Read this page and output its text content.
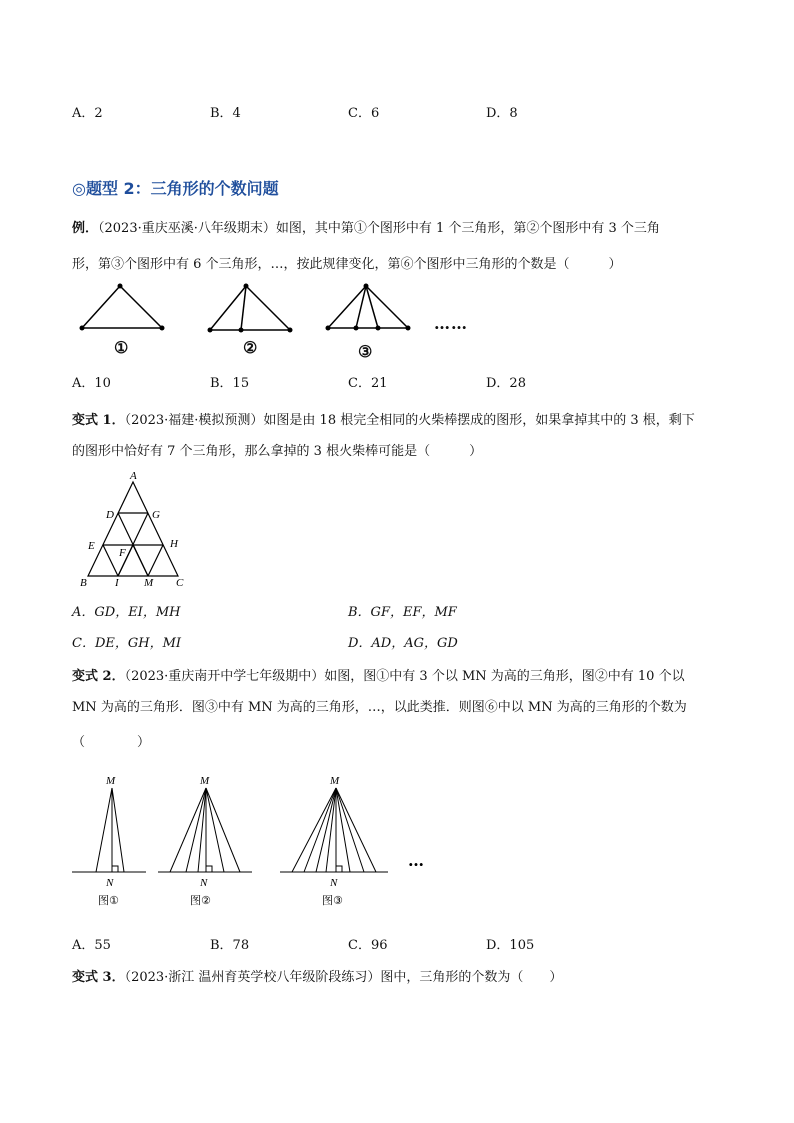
A．2	B．4	C．6	D．8
◎题型 2：三角形的个数问题
例．（2023·重庆巫溪·八年级期末）如图，其中第①个图形中有 1 个三角形，第②个图形中有 3 个三角
形，第③个图形中有 6 个三角形，…，按此规律变化，第⑥个图形中三角形的个数是（　　　）
①	②	③
……
A．10	B．15	C．21	D．28
变式 1．（2023·福建·模拟预测）如图是由 18 根完全相同的火柴棒摆成的图形，如果拿掉其中的 3 根，剩下
的图形中恰好有 7 个三角形，那么拿掉的 3 根火柴棒可能是（　　　）
A
D	G
E
F
H
B	I M C
A．GD，EI，MH	B．GF，EF，MF
C．DE，GH，MI	D．AD，AG，GD
变式 2．（2023·重庆南开中学七年级期中）如图，图①中有 3 个以 MN 为高的三角形，图②中有 10 个以
MN 为高的三角形．图③中有 MN 为高的三角形，…，以此类推．则图⑥中以 MN 为高的三角形的个数为
（　　　　）
M	M	M
N	N	N
图①	图②	图③
…
A．55	B．78	C．96	D．105
变式 3．（2023·浙江 温州育英学校八年级阶段练习）图中，三角形的个数为（　　）
